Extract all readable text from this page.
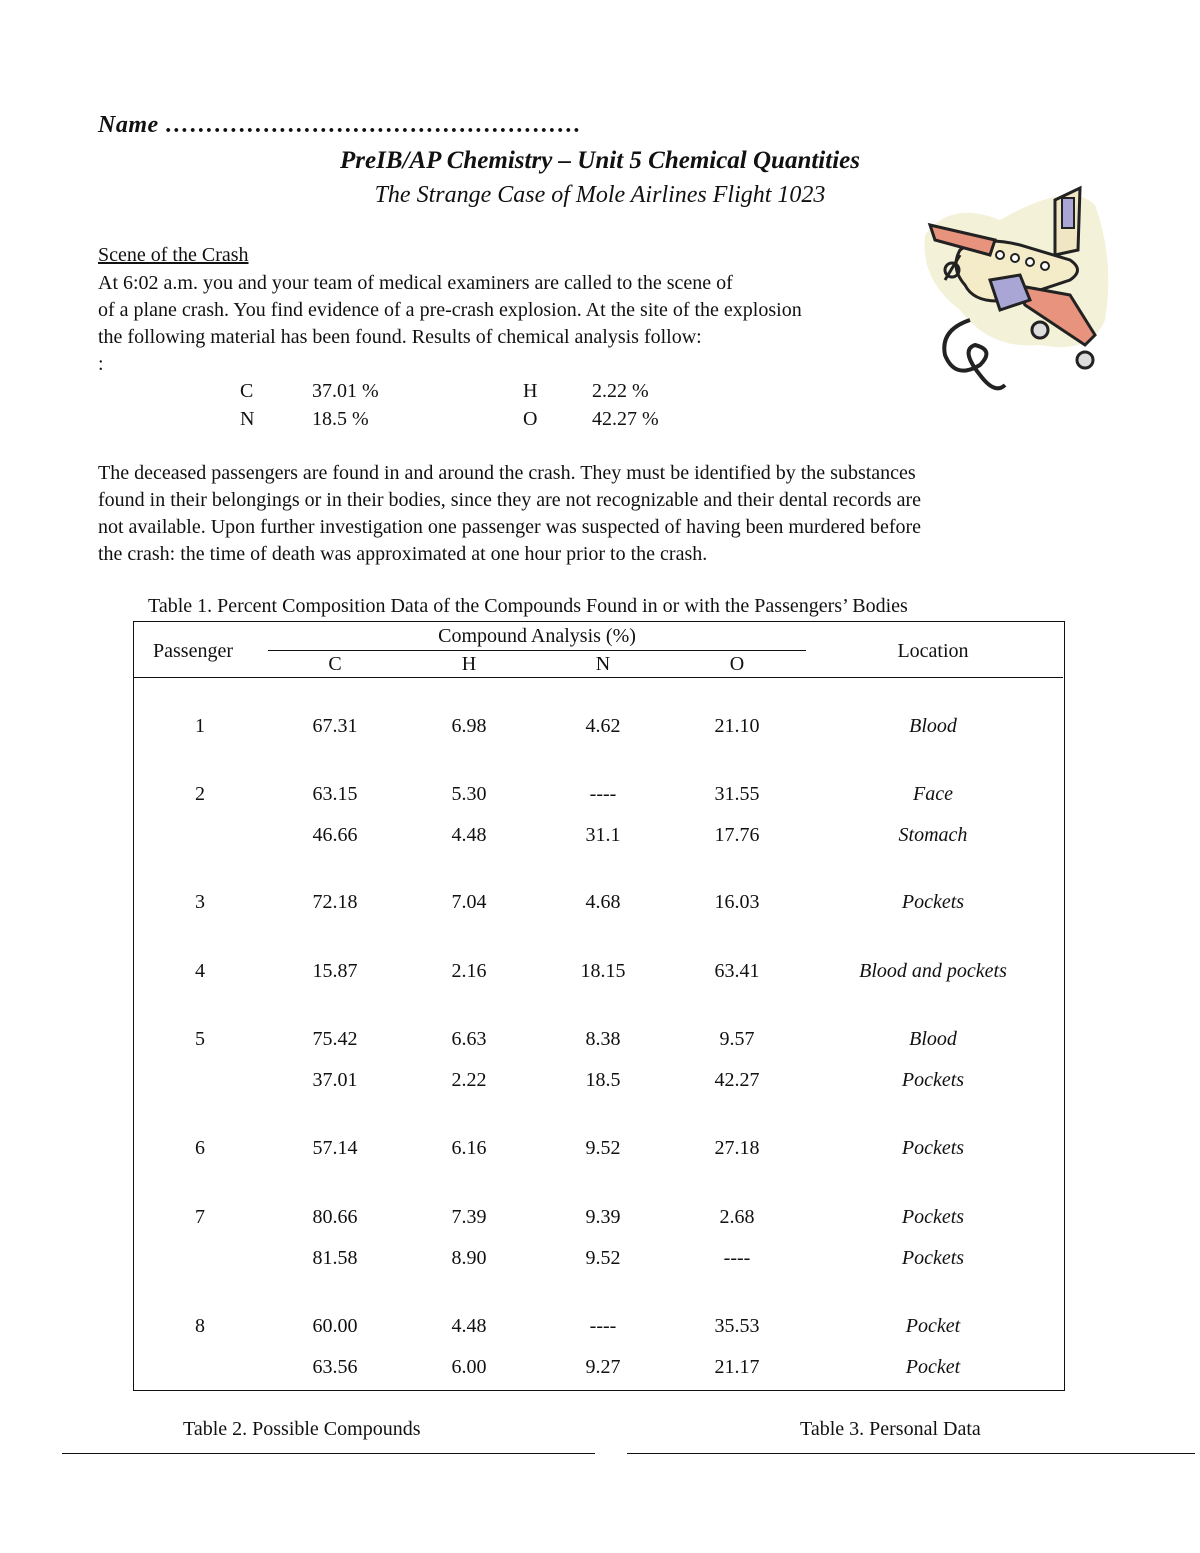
Name ……………………………………………
PreIB/AP Chemistry – Unit 5 Chemical Quantities
The Strange Case of Mole Airlines Flight 1023
Scene of the Crash
At 6:02 a.m. you and your team of medical examiners are called to the scene of
of a plane crash. You find evidence of a pre-crash explosion. At the site of the explosion
the following material has been found. Results of chemical analysis follow:
:
C	37.01 %	H	2.22 %
N	18.5 %	O	42.27 %
The deceased passengers are found in and around the crash. They must be identified by the substances
found in their belongings or in their bodies, since they are not recognizable and their dental records are
not available. Upon further investigation one passenger was suspected of having been murdered before
the crash: the time of death was approximated at one hour prior to the crash.
Table 1. Percent Composition Data of the Compounds Found in or with the Passengers’ Bodies
Passenger
Compound Analysis (%)
C	H	N	O
Location
1	67.31	6.98	4.62	21.10	Blood
2	63.15	5.30	----	31.55	Face
46.66	4.48	31.1	17.76	Stomach
3	72.18	7.04	4.68	16.03	Pockets
4	15.87	2.16	18.15	63.41	Blood and pockets
5	75.42	6.63	8.38	9.57	Blood
37.01	2.22	18.5	42.27	Pockets
6	57.14	6.16	9.52	27.18	Pockets
7	80.66	7.39	9.39	2.68	Pockets
81.58	8.90	9.52	----	Pockets
8	60.00	4.48	----	35.53	Pocket
63.56	6.00	9.27	21.17	Pocket
Table 2. Possible Compounds	Table 3. Personal Data
